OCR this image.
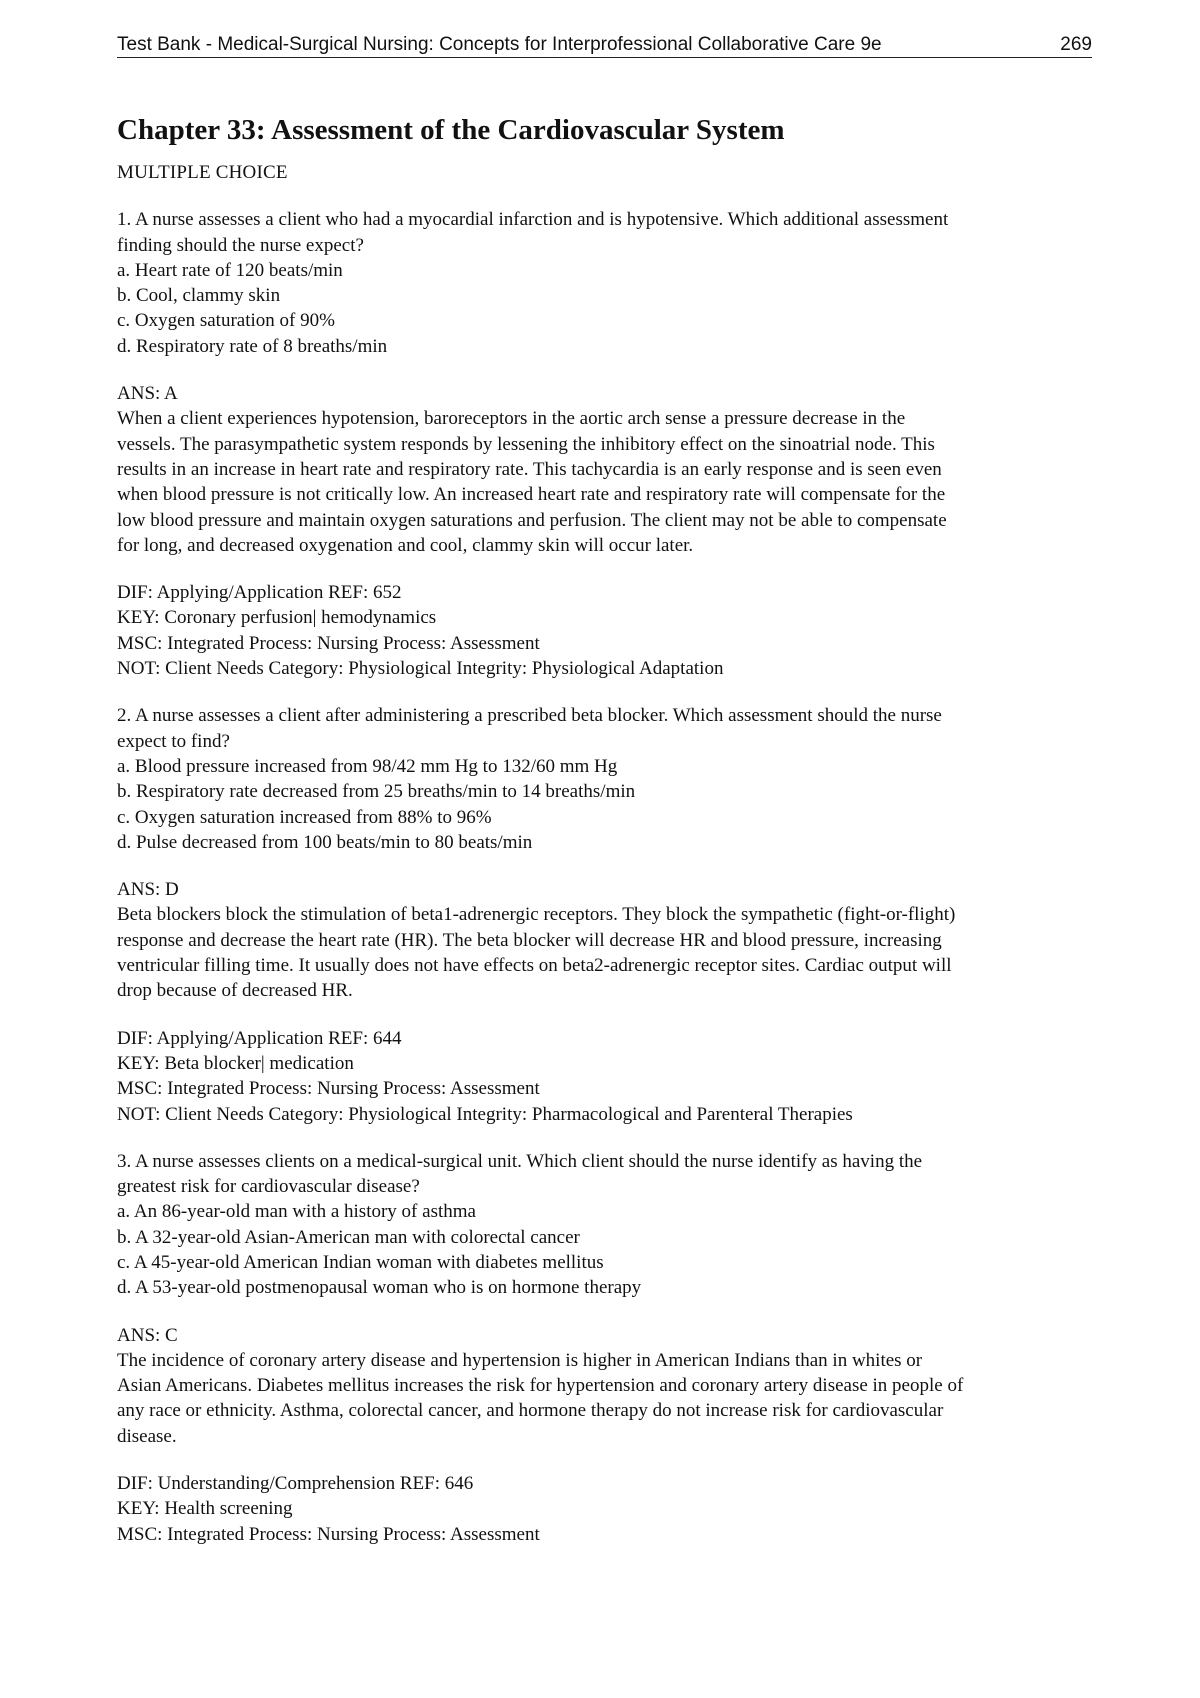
Test Bank - Medical-Surgical Nursing: Concepts for Interprofessional Collaborative Care 9e	269
Chapter 33: Assessment of the Cardiovascular System
MULTIPLE CHOICE
1. A nurse assesses a client who had a myocardial infarction and is hypotensive. Which additional assessment
finding should the nurse expect?
a. Heart rate of 120 beats/min
b. Cool, clammy skin
c. Oxygen saturation of 90%
d. Respiratory rate of 8 breaths/min
ANS: A
When a client experiences hypotension, baroreceptors in the aortic arch sense a pressure decrease in the
vessels. The parasympathetic system responds by lessening the inhibitory effect on the sinoatrial node. This
results in an increase in heart rate and respiratory rate. This tachycardia is an early response and is seen even
when blood pressure is not critically low. An increased heart rate and respiratory rate will compensate for the
low blood pressure and maintain oxygen saturations and perfusion. The client may not be able to compensate
for long, and decreased oxygenation and cool, clammy skin will occur later.
DIF: Applying/Application REF: 652
KEY: Coronary perfusion| hemodynamics
MSC: Integrated Process: Nursing Process: Assessment
NOT: Client Needs Category: Physiological Integrity: Physiological Adaptation
2. A nurse assesses a client after administering a prescribed beta blocker. Which assessment should the nurse
expect to find?
a. Blood pressure increased from 98/42 mm Hg to 132/60 mm Hg
b. Respiratory rate decreased from 25 breaths/min to 14 breaths/min
c. Oxygen saturation increased from 88% to 96%
d. Pulse decreased from 100 beats/min to 80 beats/min
ANS: D
Beta blockers block the stimulation of beta1-adrenergic receptors. They block the sympathetic (fight-or-flight)
response and decrease the heart rate (HR). The beta blocker will decrease HR and blood pressure, increasing
ventricular filling time. It usually does not have effects on beta2-adrenergic receptor sites. Cardiac output will
drop because of decreased HR.
DIF: Applying/Application REF: 644
KEY: Beta blocker| medication
MSC: Integrated Process: Nursing Process: Assessment
NOT: Client Needs Category: Physiological Integrity: Pharmacological and Parenteral Therapies
3. A nurse assesses clients on a medical-surgical unit. Which client should the nurse identify as having the
greatest risk for cardiovascular disease?
a. An 86-year-old man with a history of asthma
b. A 32-year-old Asian-American man with colorectal cancer
c. A 45-year-old American Indian woman with diabetes mellitus
d. A 53-year-old postmenopausal woman who is on hormone therapy
ANS: C
The incidence of coronary artery disease and hypertension is higher in American Indians than in whites or
Asian Americans. Diabetes mellitus increases the risk for hypertension and coronary artery disease in people of
any race or ethnicity. Asthma, colorectal cancer, and hormone therapy do not increase risk for cardiovascular
disease.
DIF: Understanding/Comprehension REF: 646
KEY: Health screening
MSC: Integrated Process: Nursing Process: Assessment
